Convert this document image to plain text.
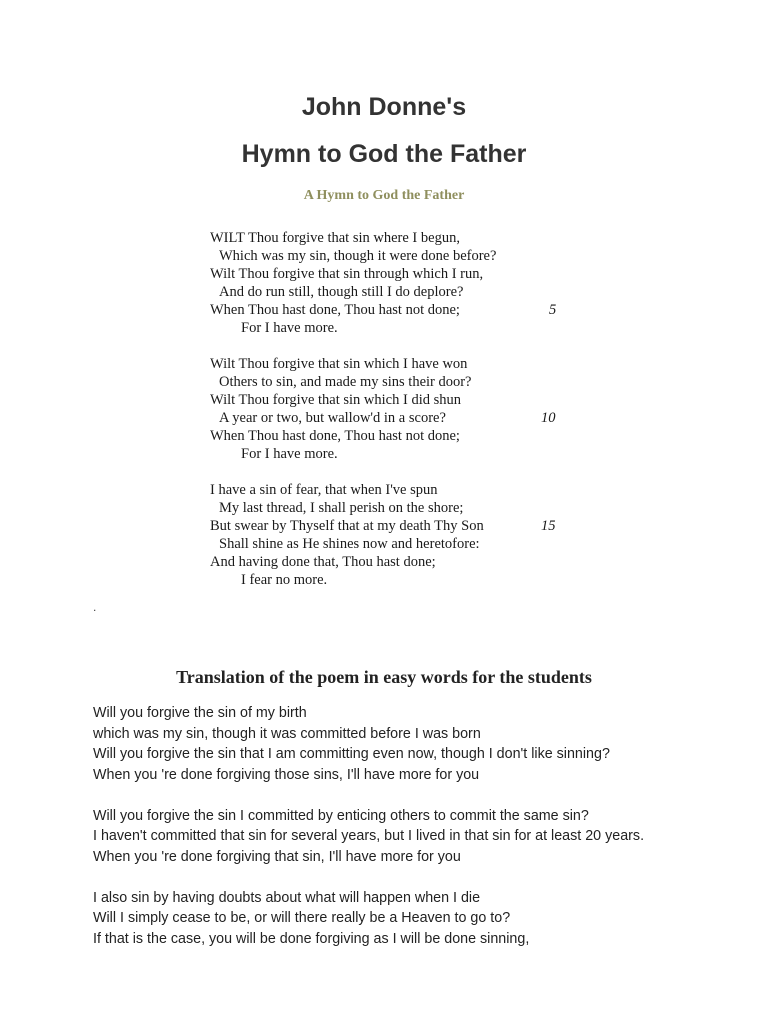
John Donne's
Hymn to God the Father
A Hymn to God the Father
WILT Thou forgive that sin where I begun,
Which was my sin, though it were done before?
Wilt Thou forgive that sin through which I run,
And do run still, though still I do deplore?
When Thou hast done, Thou hast not done;	5
For I have more.
Wilt Thou forgive that sin which I have won
Others to sin, and made my sins their door?
Wilt Thou forgive that sin which I did shun
A year or two, but wallow'd in a score?	10
When Thou hast done, Thou hast not done;
For I have more.
I have a sin of fear, that when I've spun
My last thread, I shall perish on the shore;
But swear by Thyself that at my death Thy Son	15
Shall shine as He shines now and heretofore:
And having done that, Thou hast done;
I fear no more.
.
Translation of the poem in easy words for the students
Will you forgive the sin of my birth
which was my sin, though it was committed before I was born
Will you forgive the sin that I am committing even now, though I don't like sinning?
When you 're done forgiving those sins, I'll have more for you
Will you forgive the sin I committed by enticing others to commit the same sin?
I haven't committed that sin for several years, but I lived in that sin for at least 20 years.
When you 're done forgiving that sin, I'll have more for you
I also sin by having doubts about what will happen when I die
Will I simply cease to be, or will there really be a Heaven to go to?
If that is the case, you will be done forgiving as I will be done sinning,
